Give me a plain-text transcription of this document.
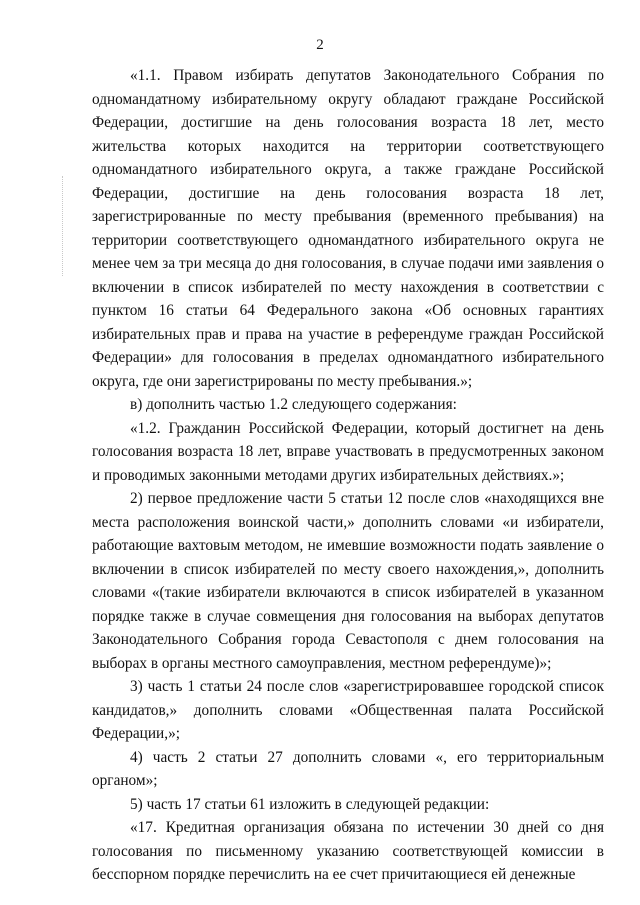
2

«1.1. Правом избирать депутатов Законодательного Собрания по одномандатному избирательному округу обладают граждане Российской Федерации, достигшие на день голосования возраста 18 лет, место жительства которых находится на территории соответствующего одномандатного избирательного округа, а также граждане Российской Федерации, достигшие на день голосования возраста 18 лет, зарегистрированные по месту пребывания (временного пребывания) на территории соответствующего одномандатного избирательного округа не менее чем за три месяца до дня голосования, в случае подачи ими заявления о включении в список избирателей по месту нахождения в соответствии с пунктом 16 статьи 64 Федерального закона «Об основных гарантиях избирательных прав и права на участие в референдуме граждан Российской Федерации» для голосования в пределах одномандатного избирательного округа, где они зарегистрированы по месту пребывания.»;

в) дополнить частью 1.2 следующего содержания:

«1.2. Гражданин Российской Федерации, который достигнет на день голосования возраста 18 лет, вправе участвовать в предусмотренных законом и проводимых законными методами других избирательных действиях.»;

2) первое предложение части 5 статьи 12 после слов «находящихся вне места расположения воинской части,» дополнить словами «и избиратели, работающие вахтовым методом, не имевшие возможности подать заявление о включении в список избирателей по месту своего нахождения,», дополнить словами «(такие избиратели включаются в список избирателей в указанном порядке также в случае совмещения дня голосования на выборах депутатов Законодательного Собрания города Севастополя с днем голосования на выборах в органы местного самоуправления, местном референдуме)»;

3) часть 1 статьи 24 после слов «зарегистрировавшее городской список кандидатов,» дополнить словами «Общественная палата Российской Федерации,»;

4) часть 2 статьи 27 дополнить словами «, его территориальным органом»;

5) часть 17 статьи 61 изложить в следующей редакции:

«17. Кредитная организация обязана по истечении 30 дней со дня голосования по письменному указанию соответствующей комиссии в бесспорном порядке перечислить на ее счет причитающиеся ей денежные
